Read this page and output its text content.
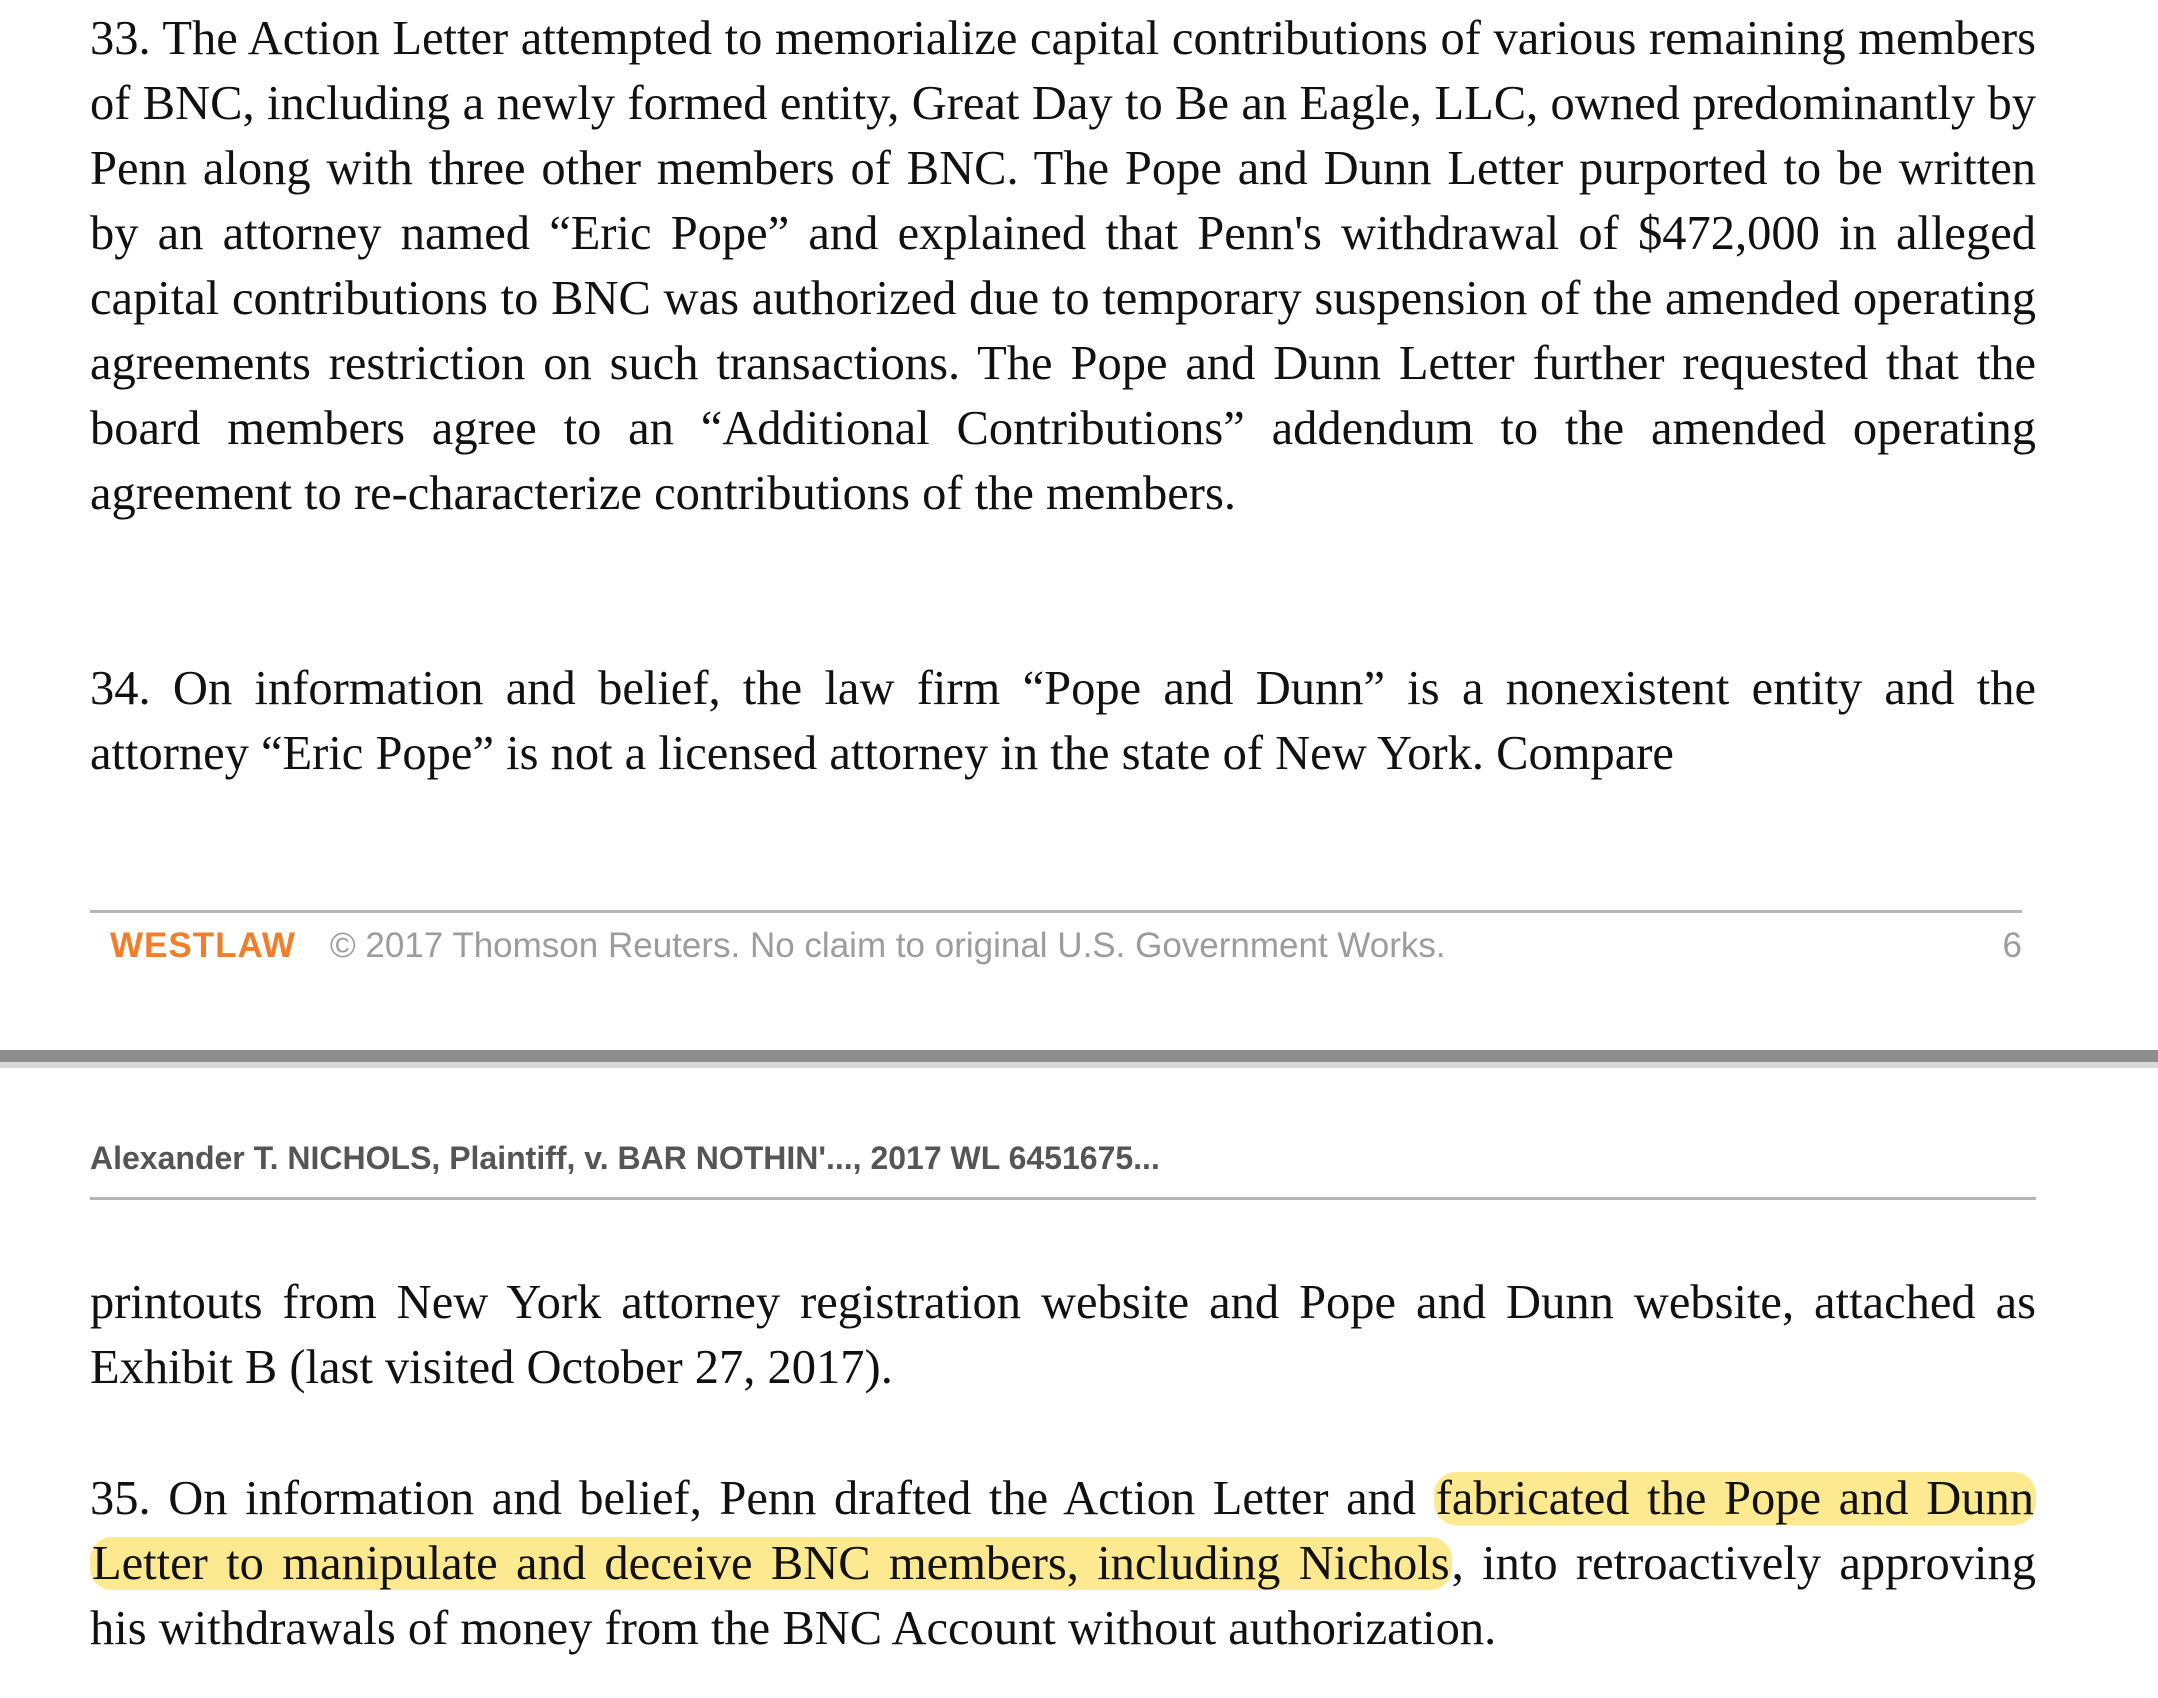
33. The Action Letter attempted to memorialize capital contributions of various remaining members of BNC, including a newly formed entity, Great Day to Be an Eagle, LLC, owned predominantly by Penn along with three other members of BNC. The Pope and Dunn Letter purported to be written by an attorney named “Eric Pope” and explained that Penn's withdrawal of $472,000 in alleged capital contributions to BNC was authorized due to temporary suspension of the amended operating agreements restriction on such transactions. The Pope and Dunn Letter further requested that the board members agree to an “Additional Contributions” addendum to the amended operating agreement to re-characterize contributions of the members.

34. On information and belief, the law firm “Pope and Dunn” is a nonexistent entity and the attorney “Eric Pope” is not a licensed attorney in the state of New York. Compare

WESTLAW © 2017 Thomson Reuters. No claim to original U.S. Government Works.	6
Alexander T. NICHOLS, Plaintiff, v. BAR NOTHIN'..., 2017 WL 6451675...

printouts from New York attorney registration website and Pope and Dunn website, attached as Exhibit B (last visited October 27, 2017).

35. On information and belief, Penn drafted the Action Letter and fabricated the Pope and Dunn Letter to manipulate and deceive BNC members, including Nichols, into retroactively approving his withdrawals of money from the BNC Account without authorization.
